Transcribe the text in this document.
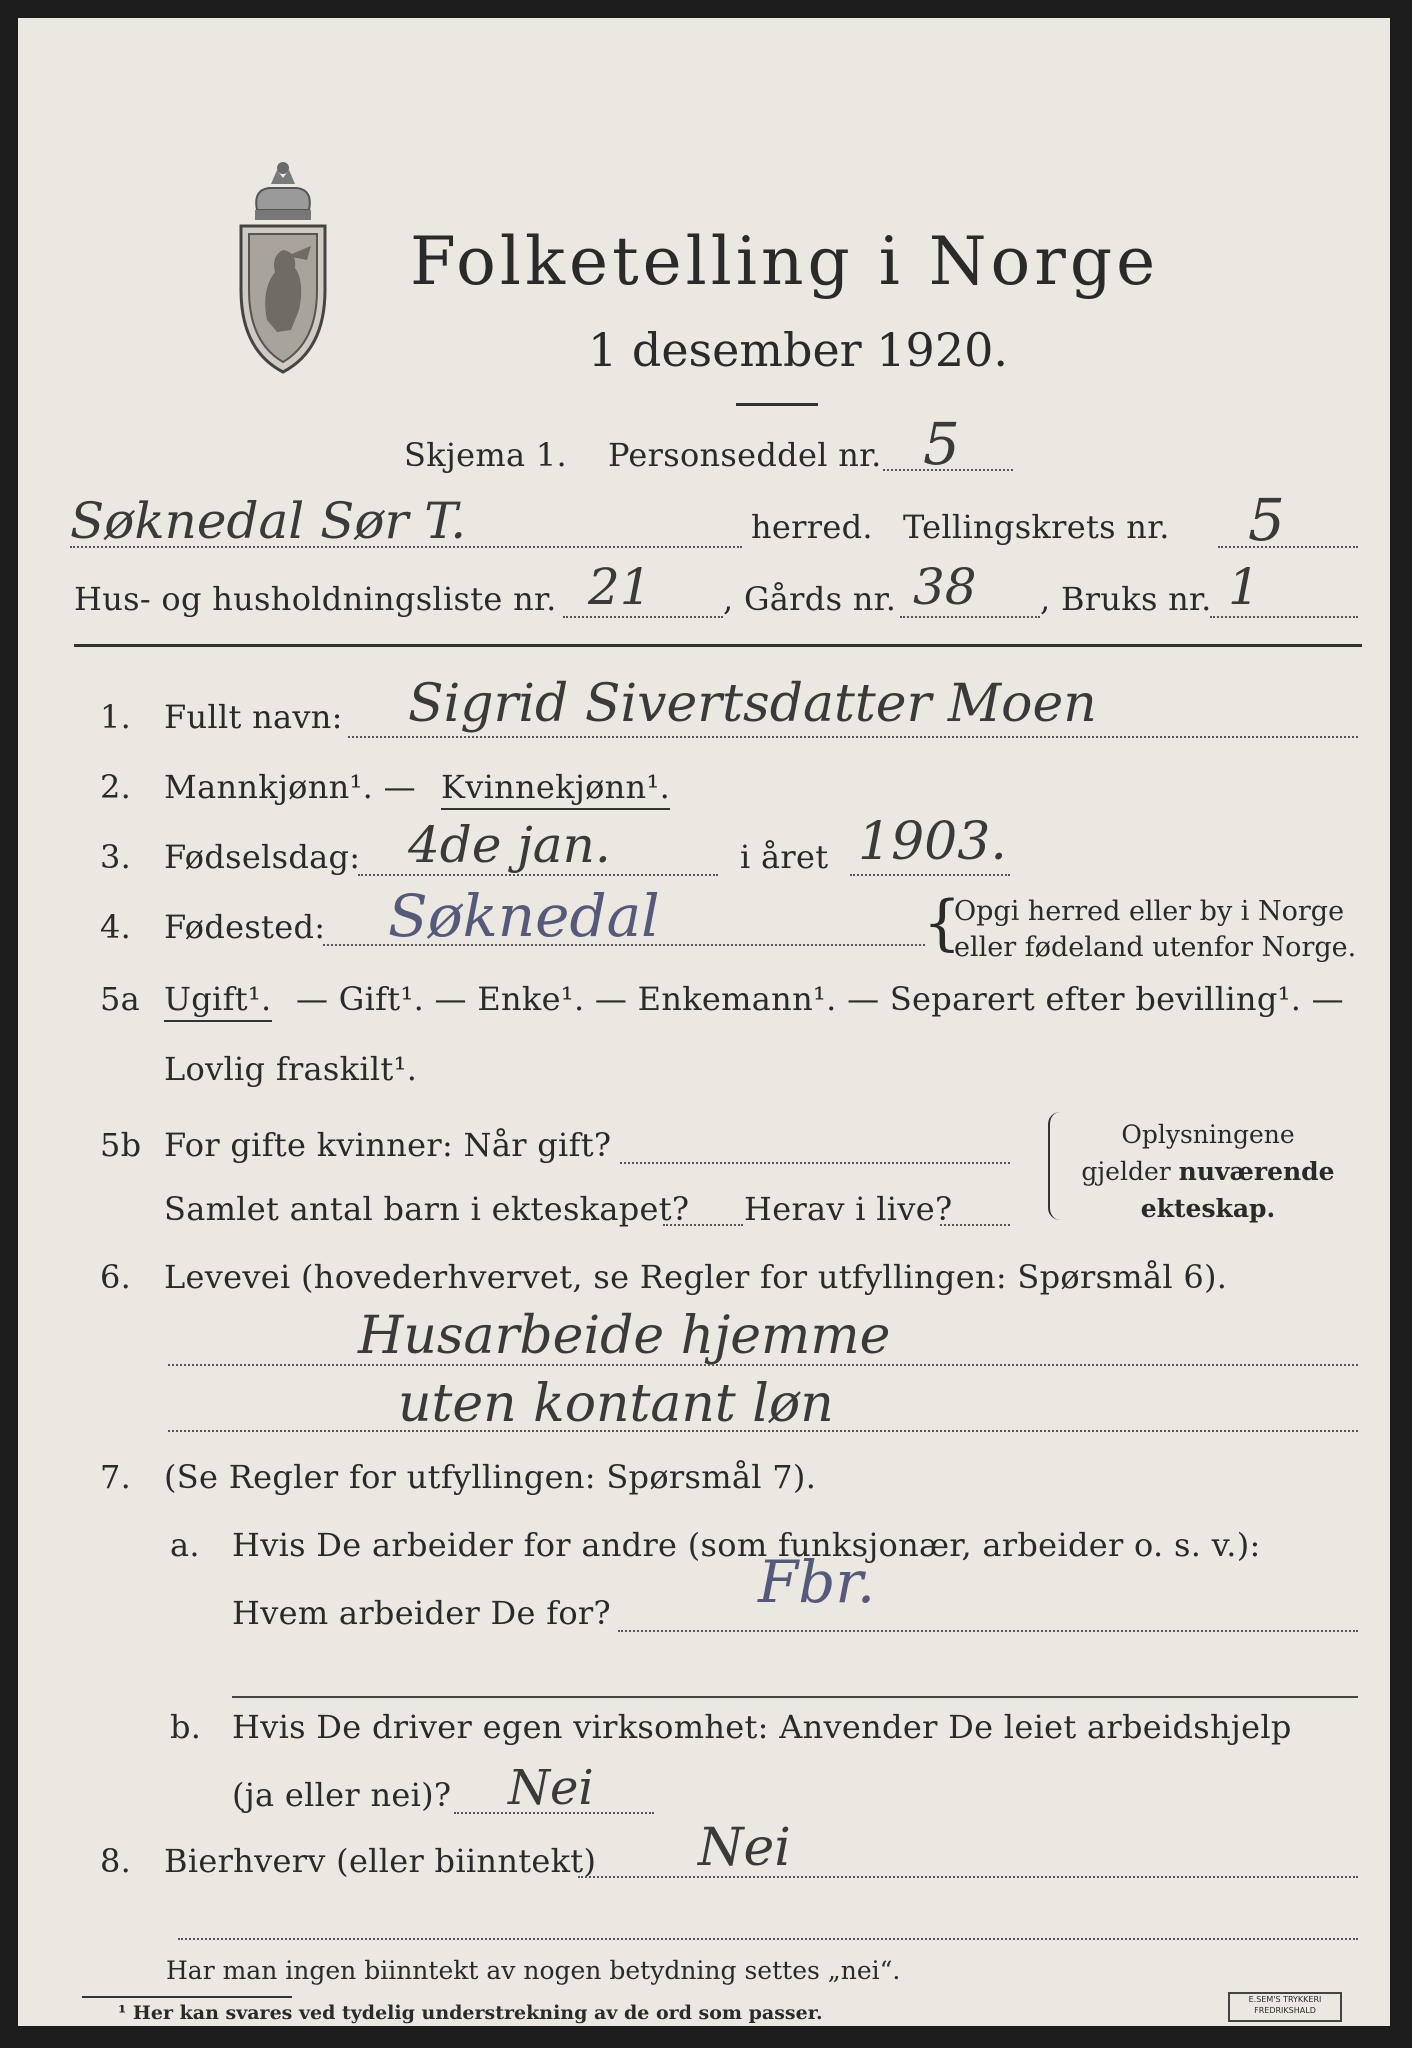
Folketelling i Norge
1 desember 1920.
Skjema 1. Personseddel nr. 5
Søknedal Sør T.	herred. Tellingskrets nr. 5
Hus- og husholdningsliste nr. 21 , Gårds nr. 38 , Bruks nr. 1
1. Fullt navn: Sigrid Sivertsdatter Moen
2. Mannkjønn¹. — Kvinnekjønn¹.
3. Fødselsdag: 4de jan.	i året 1903.
4. Fødested: Søknedal	{
Opgi herred eller by i Norge
eller fødeland utenfor Norge.
5a Ugift¹. — Gift¹. — Enke¹. — Enkemann¹. — Separert efter bevilling¹. —
Lovlig fraskilt¹.
5b For gifte kvinner: Når gift?
Samlet antal barn i ekteskapet? Herav i live?
Oplysningene
gjelder nuværende
ekteskap.
6. Levevei (hovederhvervet, se Regler for utfyllingen: Spørsmål 6).
Husarbeide hjemme
uten kontant løn
7. (Se Regler for utfyllingen: Spørsmål 7).
a. Hvis De arbeider for andre (som funksjonær, arbeider o. s. v.):
Hvem arbeider De for?	Fbr.
b. Hvis De driver egen virksomhet: Anvender De leiet arbeidshjelp
(ja eller nei)? Nei
8. Bierhverv (eller biinntekt) Nei
Har man ingen biinntekt av nogen betydning settes „nei“.
¹ Her kan svares ved tydelig understrekning av de ord som passer.
E.SEM'S TRYKKERI
FREDRIKSHALD
